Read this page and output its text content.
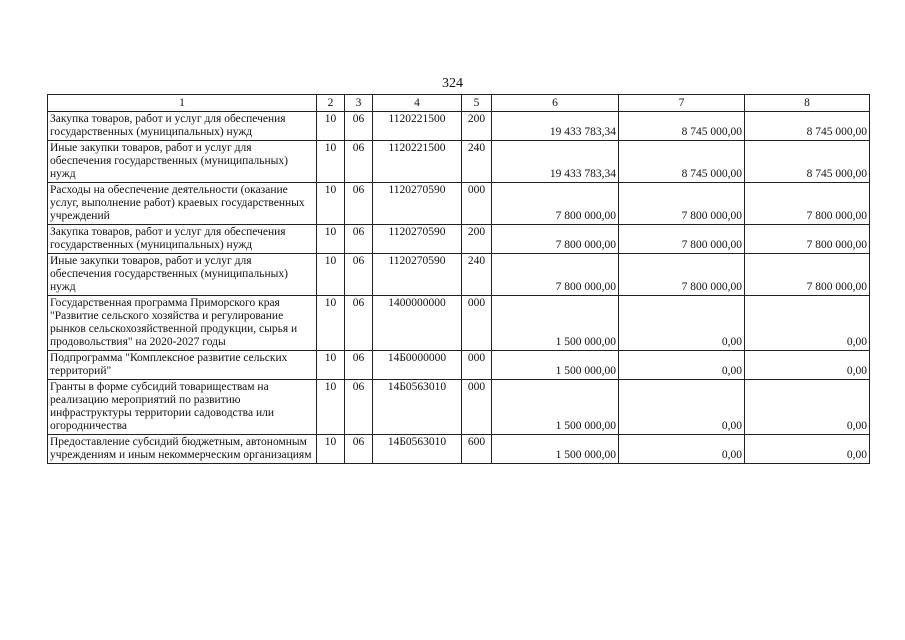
324
1	2	3	4	5	6	7	8
Закупка товаров, работ и услуг для обеспечения государственных (муниципальных) нужд	10	06	1120221500	200	19 433 783,34	8 745 000,00	8 745 000,00
Иные закупки товаров, работ и услуг для обеспечения государственных (муниципальных) нужд	10	06	1120221500	240	19 433 783,34	8 745 000,00	8 745 000,00
Расходы на обеспечение деятельности (оказание услуг, выполнение работ) краевых государственных учреждений	10	06	1120270590	000	7 800 000,00	7 800 000,00	7 800 000,00
Закупка товаров, работ и услуг для обеспечения государственных (муниципальных) нужд	10	06	1120270590	200	7 800 000,00	7 800 000,00	7 800 000,00
Иные закупки товаров, работ и услуг для обеспечения государственных (муниципальных) нужд	10	06	1120270590	240	7 800 000,00	7 800 000,00	7 800 000,00
Государственная программа Приморского края "Развитие сельского хозяйства и регулирование рынков сельскохозяйственной продукции, сырья и продовольствия" на 2020-2027 годы	10	06	1400000000	000	1 500 000,00	0,00	0,00
Подпрограмма "Комплексное развитие сельских территорий"	10	06	14Б0000000	000	1 500 000,00	0,00	0,00
Гранты в форме субсидий товариществам на реализацию мероприятий по развитию инфраструктуры территории садоводства или огородничества	10	06	14Б0563010	000	1 500 000,00	0,00	0,00
Предоставление субсидий бюджетным, автономным учреждениям и иным некоммерческим организациям	10	06	14Б0563010	600	1 500 000,00	0,00	0,00
